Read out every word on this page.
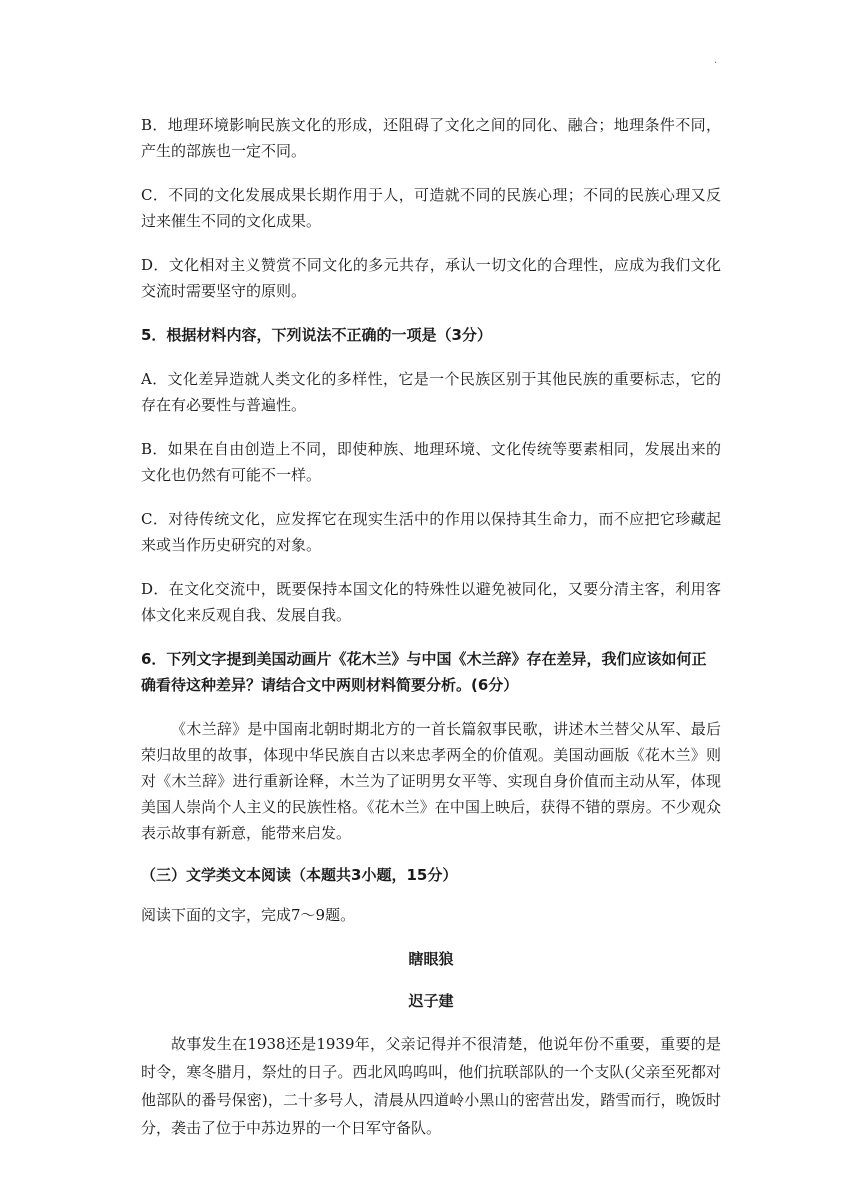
·

B．地理环境影响民族文化的形成，还阻碍了文化之间的同化、融合；地理条件不同，产生的部族也一定不同。

C．不同的文化发展成果长期作用于人，可造就不同的民族心理；不同的民族心理又反过来催生不同的文化成果。

D．文化相对主义赞赏不同文化的多元共存，承认一切文化的合理性，应成为我们文化交流时需要坚守的原则。

5．根据材料内容，下列说法不正确的一项是（3分）

A．文化差异造就人类文化的多样性，它是一个民族区别于其他民族的重要标志，它的存在有必要性与普遍性。

B．如果在自由创造上不同，即使种族、地理环境、文化传统等要素相同，发展出来的文化也仍然有可能不一样。

C．对待传统文化，应发挥它在现实生活中的作用以保持其生命力，而不应把它珍藏起来或当作历史研究的对象。

D．在文化交流中，既要保持本国文化的特殊性以避免被同化，又要分清主客，利用客体文化来反观自我、发展自我。

6．下列文字提到美国动画片《花木兰》与中国《木兰辞》存在差异，我们应该如何正确看待这种差异？请结合文中两则材料简要分析。(6分）

《木兰辞》是中国南北朝时期北方的一首长篇叙事民歌，讲述木兰替父从军、最后荣归故里的故事，体现中华民族自古以来忠孝两全的价值观。美国动画版《花木兰》则对《木兰辞》进行重新诠释，木兰为了证明男女平等、实现自身价值而主动从军，体现美国人崇尚个人主义的民族性格。《花木兰》在中国上映后，获得不错的票房。不少观众表示故事有新意，能带来启发。

（三）文学类文本阅读（本题共3小题，15分）

阅读下面的文字，完成7～9题。

瞎眼狼

迟子建

故事发生在1938还是1939年，父亲记得并不很清楚，他说年份不重要，重要的是时令，寒冬腊月，祭灶的日子。西北风呜呜叫，他们抗联部队的一个支队(父亲至死都对他部队的番号保密)，二十多号人，清晨从四道岭小黑山的密营出发，踏雪而行，晚饭时分，袭击了位于中苏边界的一个日军守备队。
